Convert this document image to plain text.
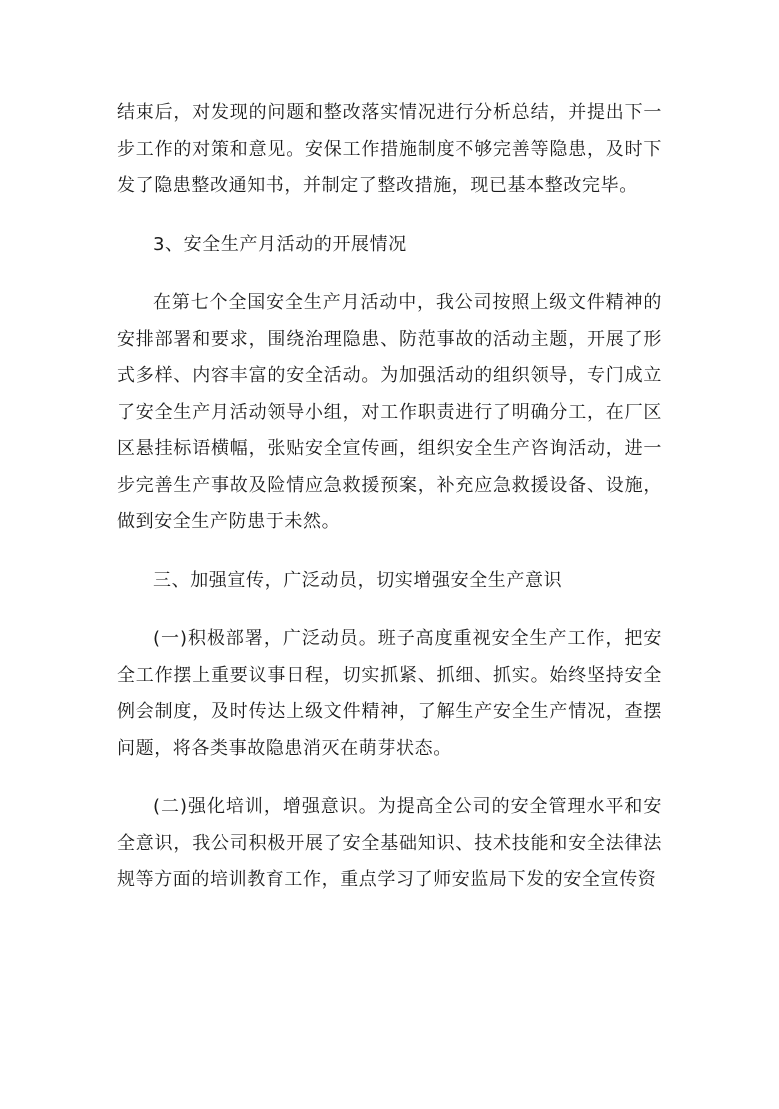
结束后，对发现的问题和整改落实情况进行分析总结，并提出下一步工作的对策和意见。安保工作措施制度不够完善等隐患，及时下发了隐患整改通知书，并制定了整改措施，现已基本整改完毕。

3、安全生产月活动的开展情况

在第七个全国安全生产月活动中，我公司按照上级文件精神的安排部署和要求，围绕治理隐患、防范事故的活动主题，开展了形式多样、内容丰富的安全活动。为加强活动的组织领导，专门成立了安全生产月活动领导小组，对工作职责进行了明确分工，在厂区区悬挂标语横幅，张贴安全宣传画，组织安全生产咨询活动，进一步完善生产事故及险情应急救援预案，补充应急救援设备、设施，做到安全生产防患于未然。

三、加强宣传，广泛动员，切实增强安全生产意识

(一)积极部署，广泛动员。班子高度重视安全生产工作，把安全工作摆上重要议事日程，切实抓紧、抓细、抓实。始终坚持安全例会制度，及时传达上级文件精神，了解生产安全生产情况，查摆问题，将各类事故隐患消灭在萌芽状态。

(二)强化培训，增强意识。为提高全公司的安全管理水平和安全意识，我公司积极开展了安全基础知识、技术技能和安全法律法规等方面的培训教育工作，重点学习了师安监局下发的安全宣传资
